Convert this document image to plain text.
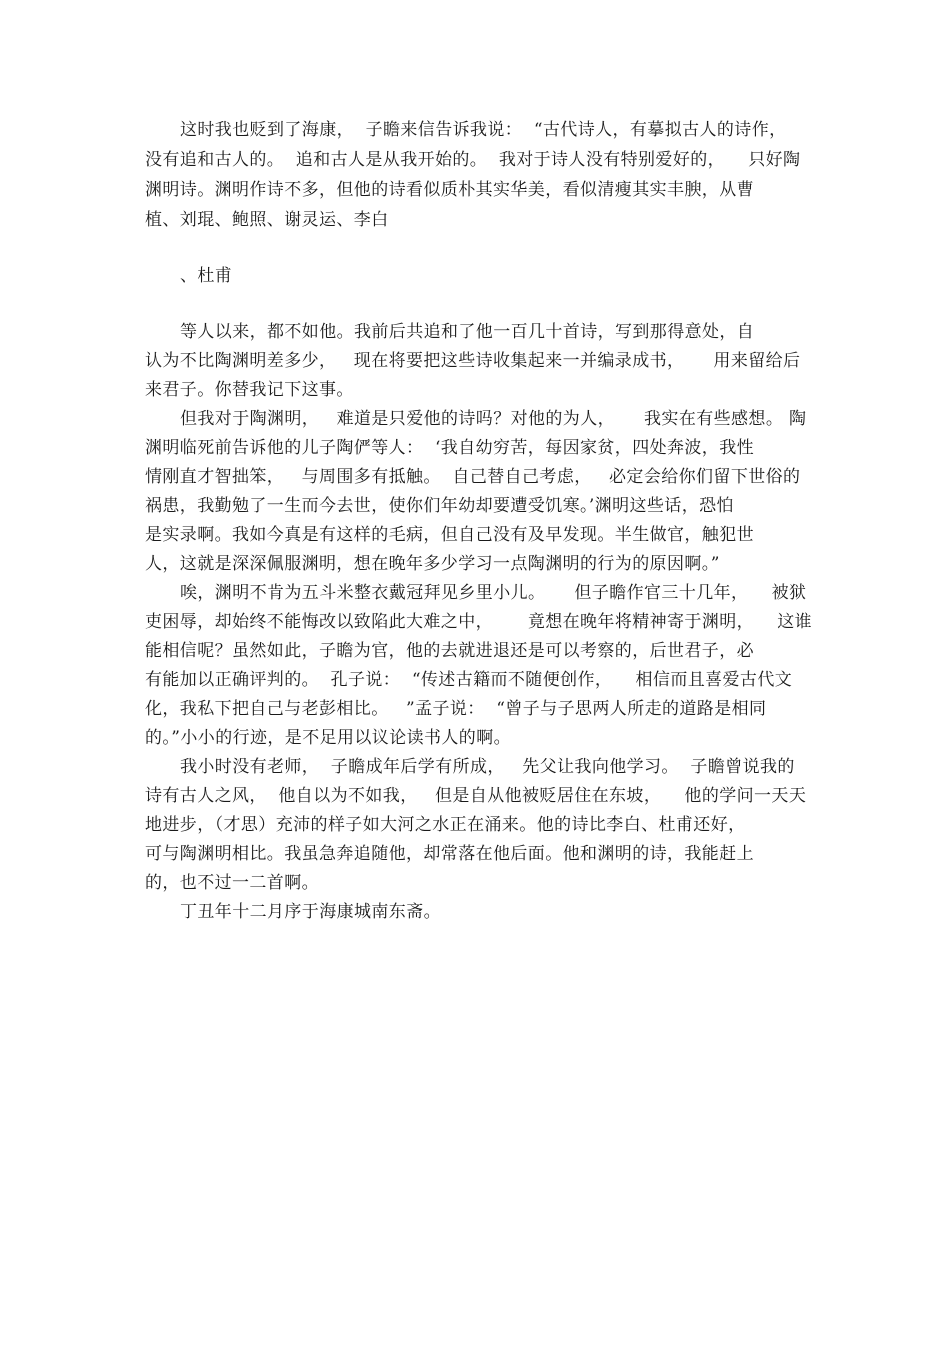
这时我也贬到了海康，  子瞻来信告诉我说：  “古代诗人，有摹拟古人的诗作，
没有追和古人的。  追和古人是从我开始的。  我对于诗人没有特别爱好的，    只好陶
渊明诗。渊明作诗不多，但他的诗看似质朴其实华美，看似清瘦其实丰腴，从曹
植、刘琨、鲍照、谢灵运、李白
、杜甫
等人以来，都不如他。我前后共追和了他一百几十首诗，写到那得意处，自
认为不比陶渊明差多少，   现在将要把这些诗收集起来一并编录成书，     用来留给后
来君子。你替我记下这事。
但我对于陶渊明，   难道是只爱他的诗吗？对他的为人，     我实在有些感想。 陶
渊明临死前告诉他的儿子陶俨等人：  ‘我自幼穷苦，每因家贫，四处奔波，我性
情刚直才智拙笨，   与周围多有抵触。  自己替自己考虑，   必定会给你们留下世俗的
祸患，我勤勉了一生而今去世，使你们年幼却要遭受饥寒。’渊明这些话，恐怕
是实录啊。我如今真是有这样的毛病，但自己没有及早发现。半生做官，触犯世
人，这就是深深佩服渊明，想在晚年多少学习一点陶渊明的行为的原因啊。”
唉，渊明不肯为五斗米整衣戴冠拜见乡里小儿。     但子瞻作官三十几年，    被狱
吏困辱，却始终不能悔改以致陷此大难之中，      竟想在晚年将精神寄于渊明，    这谁
能相信呢？虽然如此，子瞻为官，他的去就进退还是可以考察的，后世君子，必
有能加以正确评判的。  孔子说：  “传述古籍而不随便创作，    相信而且喜爱古代文
化，我私下把自己与老彭相比。   ”孟子说：  “曾子与子思两人所走的道路是相同
的。”小小的行迹，是不足用以议论读书人的啊。
我小时没有老师，  子瞻成年后学有所成，   先父让我向他学习。  子瞻曾说我的
诗有古人之风，  他自以为不如我，   但是自从他被贬居住在东坡，    他的学问一天天
地进步，（才思）充沛的样子如大河之水正在涌来。他的诗比李白、杜甫还好，
可与陶渊明相比。我虽急奔追随他，却常落在他后面。他和渊明的诗，我能赶上
的，也不过一二首啊。
丁丑年十二月序于海康城南东斋。
